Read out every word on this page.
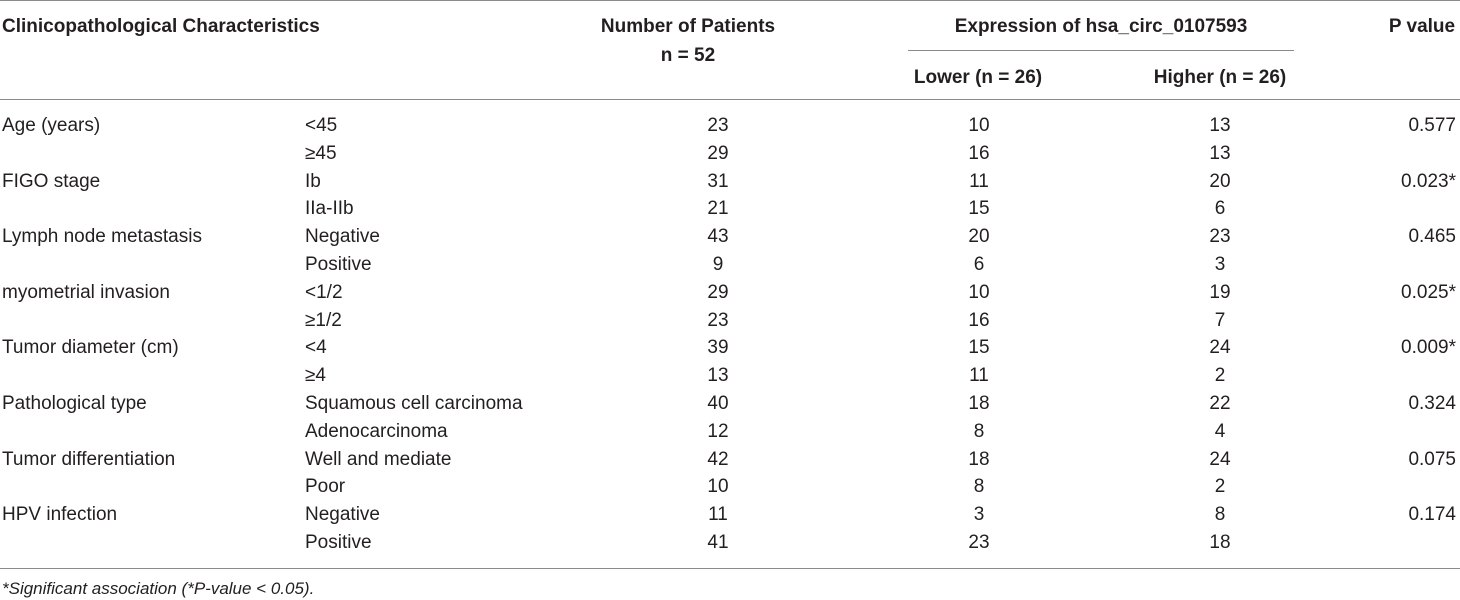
Clinicopathological Characteristics	Number of Patients
n = 52
Expression of hsa_circ_0107593
Lower (n = 26)	Higher (n = 26)
P value
Age (years)	<45	23	10	13	0.577
≥45	29	16	13
FIGO stage	Ib	31	11	20	0.023*
IIa-IIb	21	15	6
Lymph node metastasis	Negative	43	20	23	0.465
Positive	9	6	3
myometrial invasion	<1/2	29	10	19	0.025*
≥1/2	23	16	7
Tumor diameter (cm)	<4	39	15	24	0.009*
≥4	13	11	2
Pathological type	Squamous cell carcinoma	40	18	22	0.324
Adenocarcinoma	12	8	4
Tumor differentiation	Well and mediate	42	18	24	0.075
Poor	10	8	2
HPV infection	Negative	11	3	8	0.174
Positive	41	23	18
*Significant association (*P-value < 0.05).
